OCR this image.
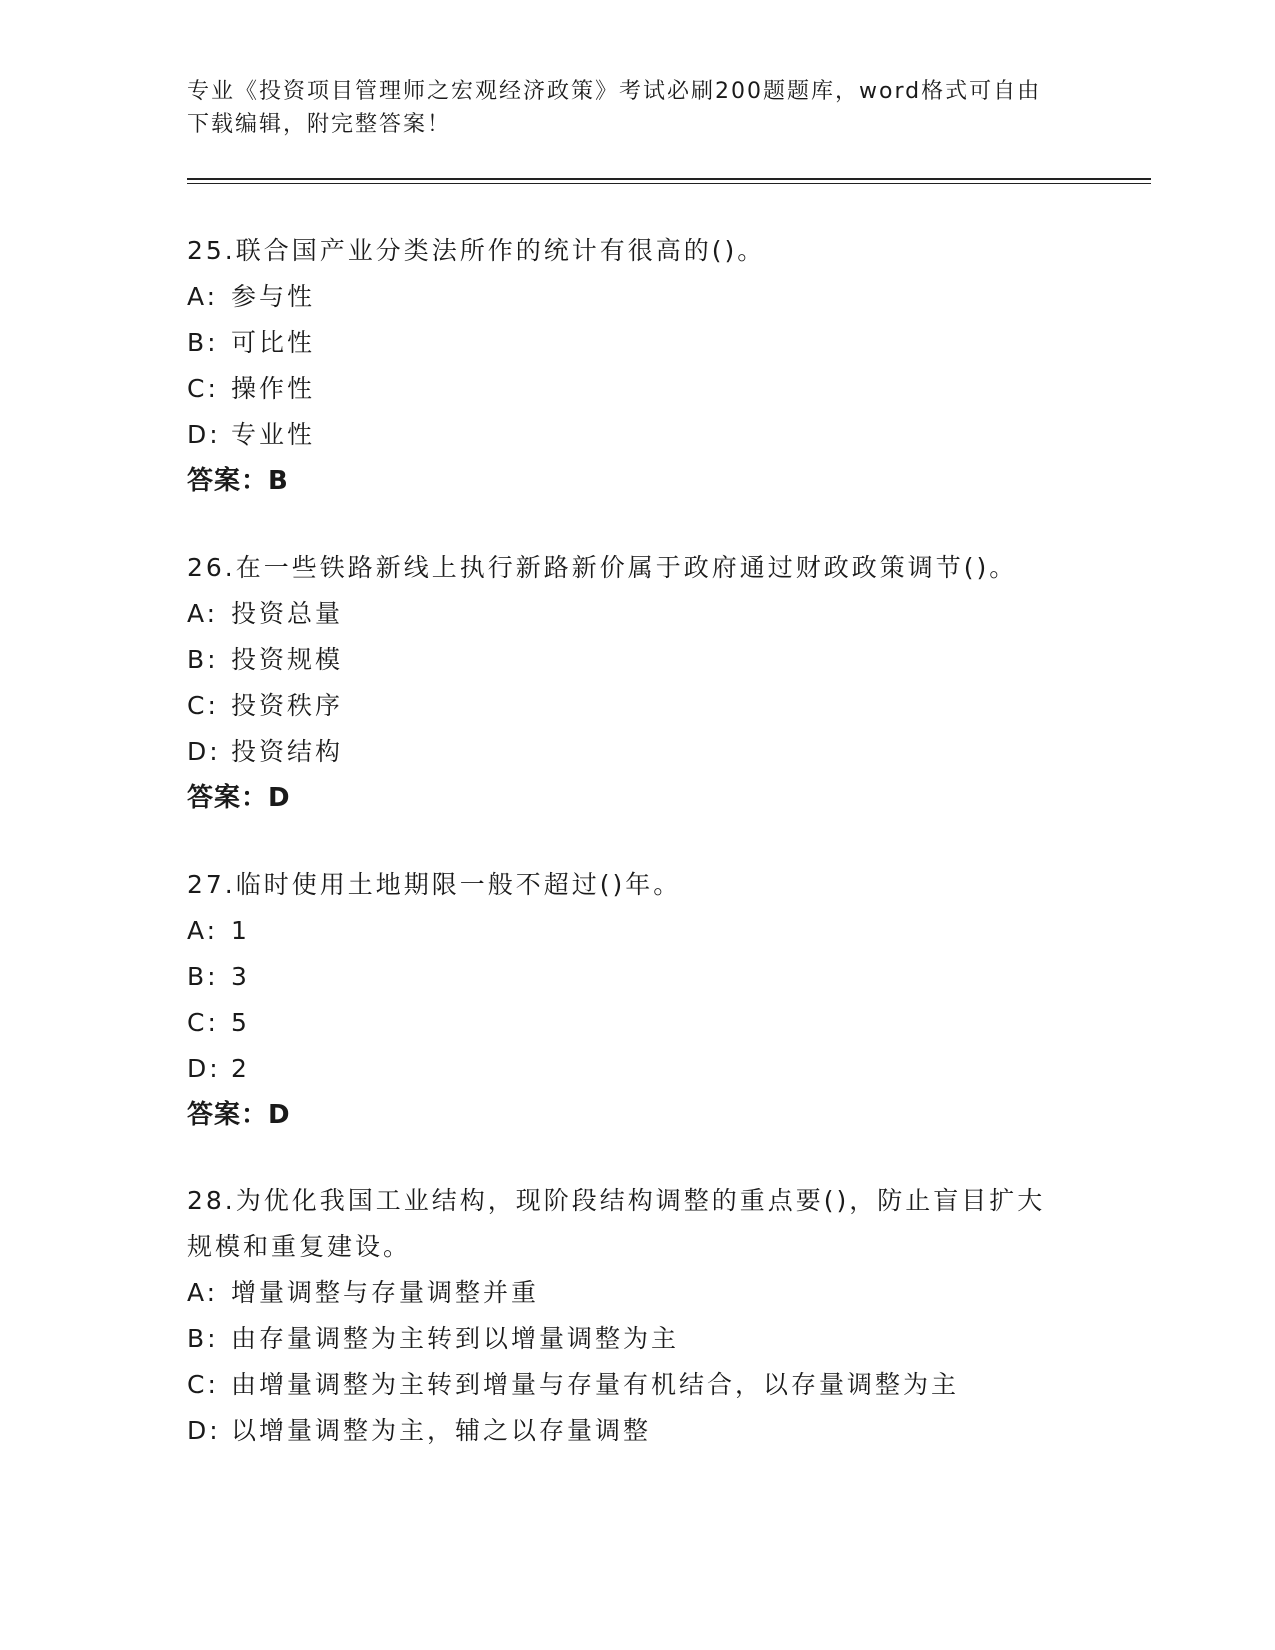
专业《投资项目管理师之宏观经济政策》考试必刷200题题库，word格式可自由
下载编辑，附完整答案！
25.联合国产业分类法所作的统计有很高的()。
A: 参与性
B: 可比性
C: 操作性
D: 专业性
答案：B
26.在一些铁路新线上执行新路新价属于政府通过财政政策调节()。
A: 投资总量
B: 投资规模
C: 投资秩序
D: 投资结构
答案：D
27.临时使用土地期限一般不超过()年。
A: 1
B: 3
C: 5
D: 2
答案：D
28.为优化我国工业结构，现阶段结构调整的重点要()，防止盲目扩大
规模和重复建设。
A: 增量调整与存量调整并重
B: 由存量调整为主转到以增量调整为主
C: 由增量调整为主转到增量与存量有机结合，以存量调整为主
D: 以增量调整为主，辅之以存量调整
